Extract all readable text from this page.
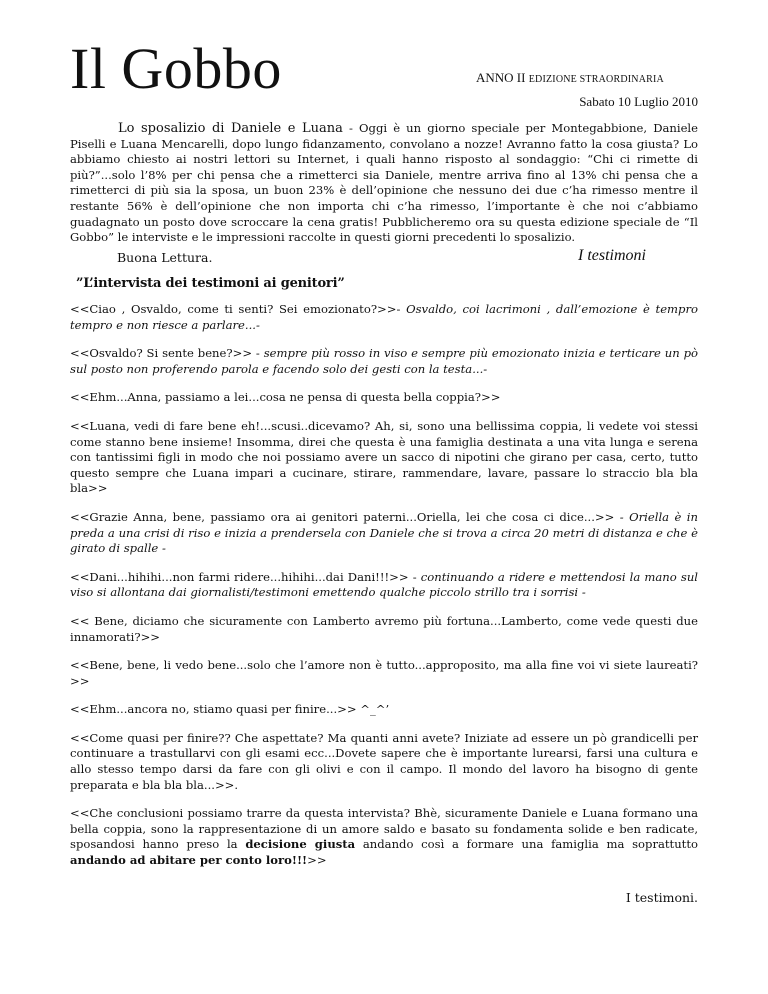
Il Gobbo	ANNO II EDIZIONE STRAORDINARIA
Sabato 10 Luglio 2010

Lo sposalizio di Daniele e Luana - Oggi è un giorno speciale per Montegabbione, Daniele Piselli e Luana Mencarelli, dopo lungo fidanzamento, convolano a nozze! Avranno fatto la cosa giusta? Lo abbiamo chiesto ai nostri lettori su Internet, i quali hanno risposto al sondaggio: “Chi ci rimette di più?”...solo l’8% per chi pensa che a rimetterci sia Daniele, mentre arriva fino al 13% chi pensa che a rimetterci di più sia la sposa, un buon 23% è dell’opinione che nessuno dei due c’ha rimesso mentre il restante 56% è dell’opinione che non importa chi c’ha rimesso, l’importante è che noi c’abbiamo guadagnato un posto dove scroccare la cena gratis! Pubblicheremo ora su questa edizione speciale de “Il Gobbo” le interviste e le impressioni raccolte in questi giorni precedenti lo sposalizio.

Buona Lettura.	I testimoni
”L’intervista dei testimoni ai genitori”

<<Ciao , Osvaldo, come ti senti? Sei emozionato?>>- Osvaldo, coi lacrimoni , dall’emozione è tempro tempro e non riesce a parlare...-

<<Osvaldo? Si sente bene?>> - sempre più rosso in viso e sempre più emozionato inizia e terticare un pò sul posto non proferendo parola e facendo solo dei gesti con la testa...-

<<Ehm...Anna, passiamo a lei...cosa ne pensa di questa bella coppia?>>

<<Luana, vedi di fare bene eh!...scusi..dicevamo? Ah, si, sono una bellissima coppia, li vedete voi stessi come stanno bene insieme! Insomma, direi che questa è una famiglia destinata a una vita lunga e serena con tantissimi figli in modo che noi possiamo avere un sacco di nipotini che girano per casa, certo, tutto questo sempre che Luana impari a cucinare, stirare, rammendare, lavare, passare lo straccio bla bla bla>>

<<Grazie Anna, bene, passiamo ora ai genitori paterni...Oriella, lei che cosa ci dice...>> - Oriella è in preda a una crisi di riso e inizia a prendersela con Daniele che si trova a circa 20 metri di distanza e che è girato di spalle -

<<Dani...hihihi...non farmi ridere...hihihi...dai Dani!!!>> - continuando a ridere e mettendosi la mano sul viso si allontana dai giornalisti/testimoni emettendo qualche piccolo strillo tra i sorrisi -

<< Bene, diciamo che sicuramente con Lamberto avremo più fortuna...Lamberto, come vede questi due innamorati?>>

<<Bene, bene, li vedo bene...solo che l’amore non è tutto...approposito, ma alla fine voi vi siete laureati?>>

<<Ehm...ancora no, stiamo quasi per finire...>> ^_^’

<<Come quasi per finire?? Che aspettate? Ma quanti anni avete? Iniziate ad essere un pò grandicelli per continuare a trastullarvi con gli esami ecc...Dovete sapere che è importante lurearsi, farsi una cultura e allo stesso tempo darsi da fare con gli olivi e con il campo. Il mondo del lavoro ha bisogno di gente preparata e bla bla bla...>>.

<<Che conclusioni possiamo trarre da questa intervista? Bhè, sicuramente Daniele e Luana formano una bella coppia, sono la rappresentazione di un amore saldo e basato su fondamenta solide e ben radicate, sposandosi hanno preso la decisione giusta andando così a formare una famiglia ma soprattutto andando ad abitare per conto loro!!!>>

I testimoni.
